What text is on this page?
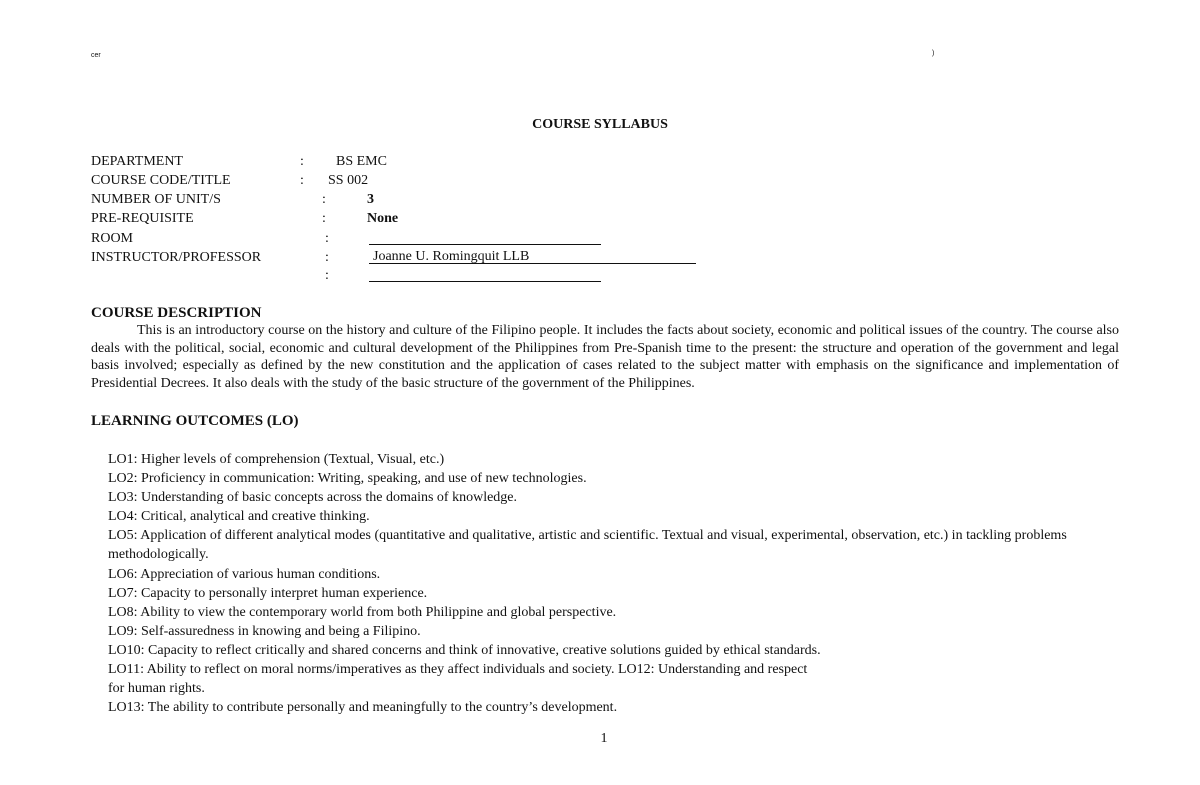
cer	)
COURSE SYLLABUS
DEPARTMENT	: BS EMC
COURSE CODE/TITLE	: SS 002
NUMBER OF UNIT/S	:	3
PRE-REQUISITE	:	None
ROOM	:
INSTRUCTOR/PROFESSOR	:	Joanne U. Romingquit LLB
:
COURSE DESCRIPTION
This is an introductory course on the history and culture of the Filipino people. It includes the facts about society, economic and political issues of the country. The course also deals with the political, social, economic and cultural development of the Philippines from Pre-Spanish time to the present: the structure and operation of the government and legal basis involved; especially as defined by the new constitution and the application of cases related to the subject matter with emphasis on the significance and implementation of Presidential Decrees. It also deals with the study of the basic structure of the government of the Philippines.
LEARNING OUTCOMES (LO)
LO1: Higher levels of comprehension (Textual, Visual, etc.)
LO2: Proficiency in communication: Writing, speaking, and use of new technologies.
LO3: Understanding of basic concepts across the domains of knowledge.
LO4: Critical, analytical and creative thinking.
LO5: Application of different analytical modes (quantitative and qualitative, artistic and scientific. Textual and visual, experimental, observation, etc.) in tackling problems methodologically.
LO6: Appreciation of various human conditions.
LO7: Capacity to personally interpret human experience.
LO8: Ability to view the contemporary world from both Philippine and global perspective.
LO9: Self-assuredness in knowing and being a Filipino.
LO10: Capacity to reflect critically and shared concerns and think of innovative, creative solutions guided by ethical standards.
LO11: Ability to reflect on moral norms/imperatives as they affect individuals and society. LO12: Understanding and respect
for human rights.
LO13: The ability to contribute personally and meaningfully to the country’s development.
1
